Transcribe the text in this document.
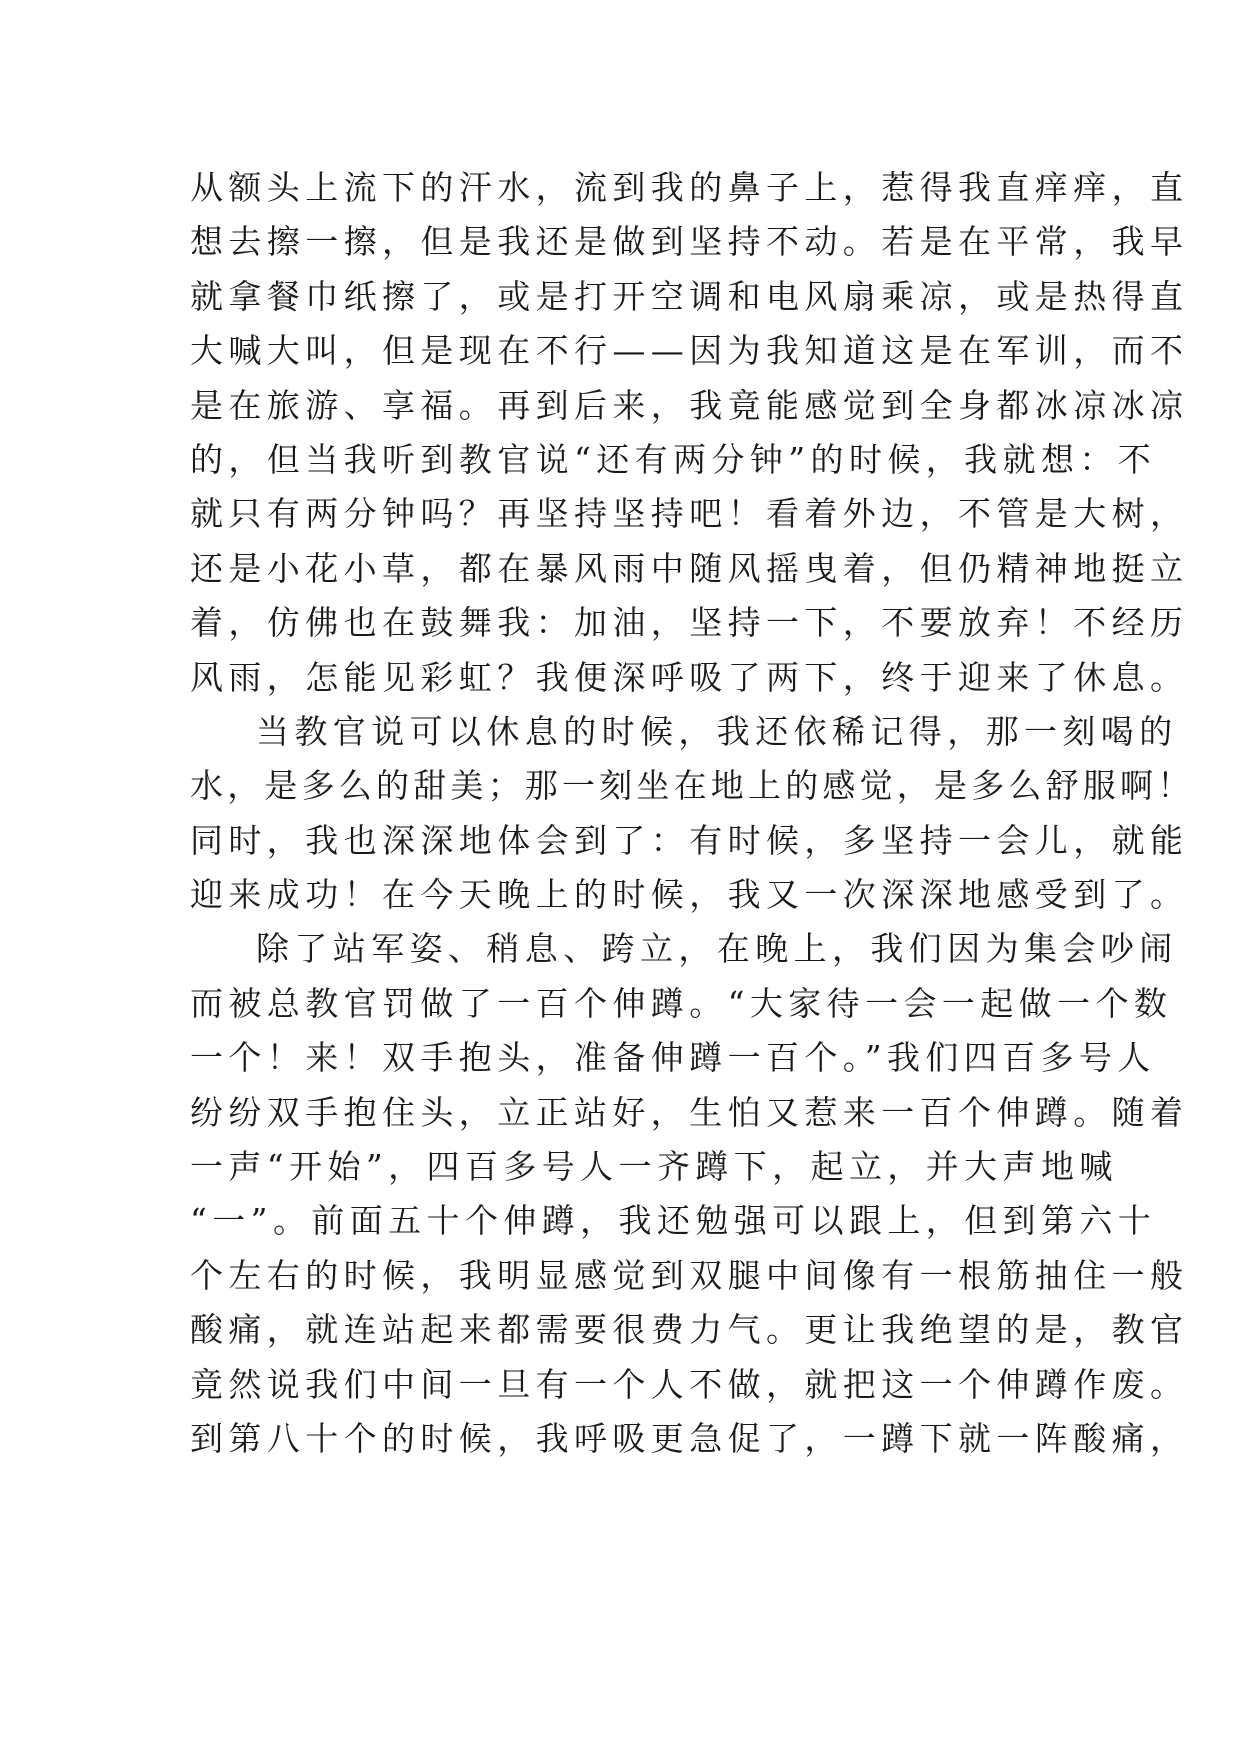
从额头上流下的汗水，流到我的鼻子上，惹得我直痒痒，直
想去擦一擦，但是我还是做到坚持不动。若是在平常，我早
就拿餐巾纸擦了，或是打开空调和电风扇乘凉，或是热得直
大喊大叫，但是现在不行——因为我知道这是在军训，而不
是在旅游、享福。再到后来，我竟能感觉到全身都冰凉冰凉
的，但当我听到教官说“还有两分钟”的时候，我就想：不
就只有两分钟吗？再坚持坚持吧！看着外边，不管是大树，
还是小花小草，都在暴风雨中随风摇曳着，但仍精神地挺立
着，仿佛也在鼓舞我：加油，坚持一下，不要放弃！不经历
风雨，怎能见彩虹？我便深呼吸了两下，终于迎来了休息。
当教官说可以休息的时候，我还依稀记得，那一刻喝的
水，是多么的甜美；那一刻坐在地上的感觉，是多么舒服啊！
同时，我也深深地体会到了：有时候，多坚持一会儿，就能
迎来成功！在今天晚上的时候，我又一次深深地感受到了。
除了站军姿、稍息、跨立，在晚上，我们因为集会吵闹
而被总教官罚做了一百个伸蹲。“大家待一会一起做一个数
一个！来！双手抱头，准备伸蹲一百个。”我们四百多号人
纷纷双手抱住头，立正站好，生怕又惹来一百个伸蹲。随着
一声“开始”，四百多号人一齐蹲下，起立，并大声地喊
“一”。前面五十个伸蹲，我还勉强可以跟上，但到第六十
个左右的时候，我明显感觉到双腿中间像有一根筋抽住一般
酸痛，就连站起来都需要很费力气。更让我绝望的是，教官
竟然说我们中间一旦有一个人不做，就把这一个伸蹲作废。
到第八十个的时候，我呼吸更急促了，一蹲下就一阵酸痛，
